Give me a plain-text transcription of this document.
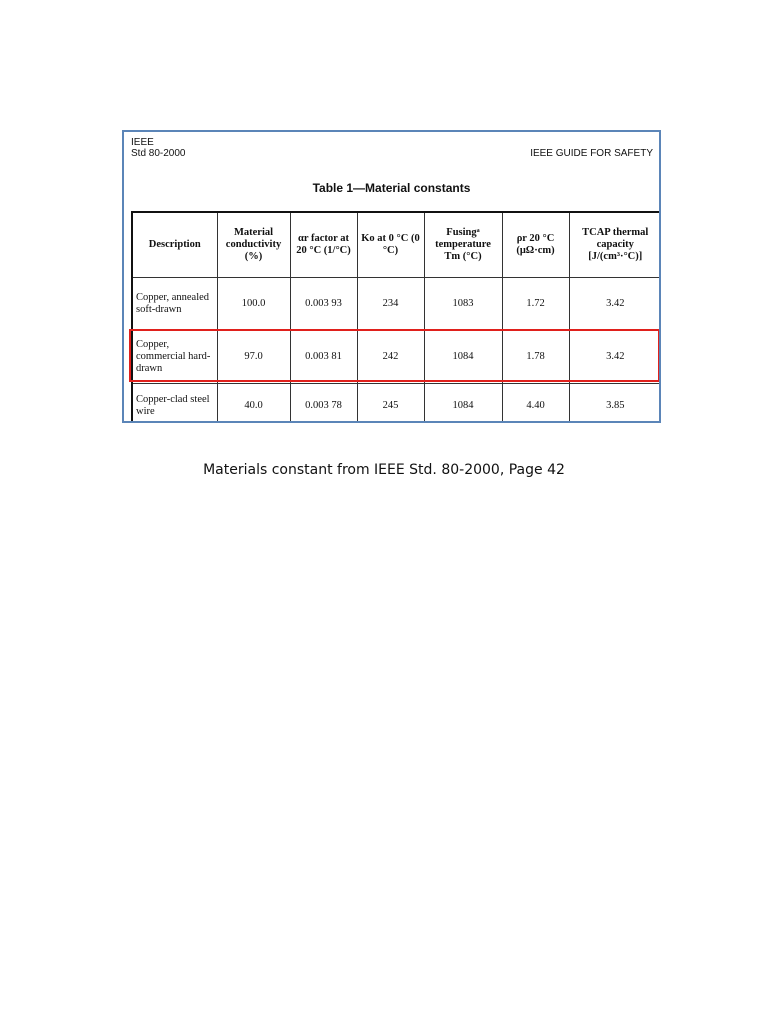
IEEE
Std 80-2000	IEEE GUIDE FOR SAFETY
Table 1—Material constants
Description	Material conductivity (%)	αr factor at 20 °C (1/°C)	Ko at 0 °C (0 °C)	Fusingᵃ temperature Tm (°C)	ρr 20 °C (μΩ·cm)	TCAP thermal capacity [J/(cm³·°C)]
Copper, annealed soft-drawn	100.0	0.003 93	234	1083	1.72	3.42
Copper, commercial hard-drawn	97.0	0.003 81	242	1084	1.78	3.42
Copper-clad steel wire	40.0	0.003 78	245	1084	4.40	3.85
Materials constant from IEEE Std. 80-2000, Page 42
